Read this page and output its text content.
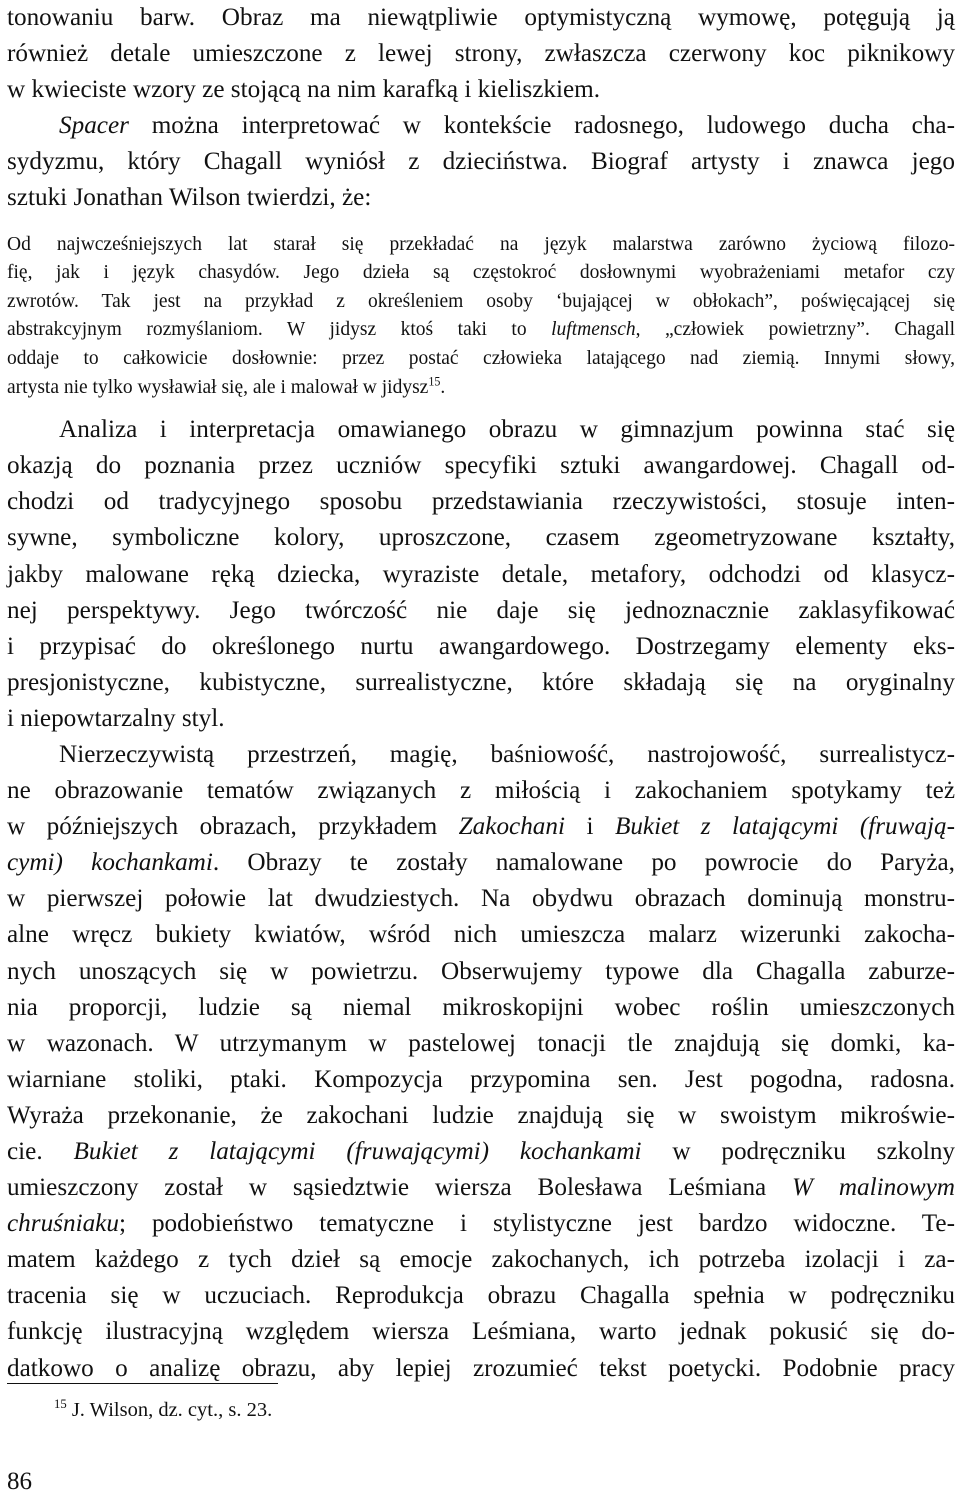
tonowaniu barw. Obraz ma niewątpliwie optymistyczną wymowę, potęgują ją
również detale umieszczone z lewej strony, zwłaszcza czerwony koc piknikowy
w kwieciste wzory ze stojącą na nim karafką i kieliszkiem.
Spacer można interpretować w kontekście radosnego, ludowego ducha cha-
sydyzmu, który Chagall wyniósł z dzieciństwa. Biograf artysty i znawca jego
sztuki Jonathan Wilson twierdzi, że:
Od najwcześniejszych lat starał się przekładać na język malarstwa zarówno życiową filozo-
fię, jak i język chasydów. Jego dzieła są częstokroć dosłownymi wyobrażeniami metafor czy
zwrotów. Tak jest na przykład z określeniem osoby ‘bujającej w obłokach”, poświęcającej się
abstrakcyjnym rozmyślaniom. W jidysz ktoś taki to luftmensch, „człowiek powietrzny”. Chagall
oddaje to całkowicie dosłownie: przez postać człowieka latającego nad ziemią. Innymi słowy,
artysta nie tylko wysławiał się, ale i malował w jidysz$^{15}$.
Analiza i interpretacja omawianego obrazu w gimnazjum powinna stać się
okazją do poznania przez uczniów specyfiki sztuki awangardowej. Chagall od-
chodzi od tradycyjnego sposobu przedstawiania rzeczywistości, stosuje inten-
sywne, symboliczne kolory, uproszczone, czasem zgeometryzowane kształty,
jakby malowane ręką dziecka, wyraziste detale, metafory, odchodzi od klasycz-
nej perspektywy. Jego twórczość nie daje się jednoznacznie zaklasyfikować
i przypisać do określonego nurtu awangardowego. Dostrzegamy elementy eks-
presjonistyczne, kubistyczne, surrealistyczne, które składają się na oryginalny
i niepowtarzalny styl.
Nierzeczywistą przestrzeń, magię, baśniowość, nastrojowość, surrealistycz-
ne obrazowanie tematów związanych z miłością i zakochaniem spotykamy też
w późniejszych obrazach, przykładem Zakochani i Bukiet z latającymi (fruwają-
cymi) kochankami. Obrazy te zostały namalowane po powrocie do Paryża,
w pierwszej połowie lat dwudziestych. Na obydwu obrazach dominują monstru-
alne wręcz bukiety kwiatów, wśród nich umieszcza malarz wizerunki zakocha-
nych unoszących się w powietrzu. Obserwujemy typowe dla Chagalla zaburze-
nia proporcji, ludzie są niemal mikroskopijni wobec roślin umieszczonych
w wazonach. W utrzymanym w pastelowej tonacji tle znajdują się domki, ka-
wiarniane stoliki, ptaki. Kompozycja przypomina sen. Jest pogodna, radosna.
Wyraża przekonanie, że zakochani ludzie znajdują się w swoistym mikroświe-
cie. Bukiet z latającymi (fruwającymi) kochankami w podręczniku szkolny
umieszczony został w sąsiedztwie wiersza Bolesława Leśmiana W malinowym
chruśniaku; podobieństwo tematyczne i stylistyczne jest bardzo widoczne. Te-
matem każdego z tych dzieł są emocje zakochanych, ich potrzeba izolacji i za-
tracenia się w uczuciach. Reprodukcja obrazu Chagalla spełnia w podręczniku
funkcję ilustracyjną względem wiersza Leśmiana, warto jednak pokusić się do-
datkowo o analizę obrazu, aby lepiej zrozumieć tekst poetycki. Podobnie pracy
$^{15}$ J. Wilson, dz. cyt., s. 23.
86
